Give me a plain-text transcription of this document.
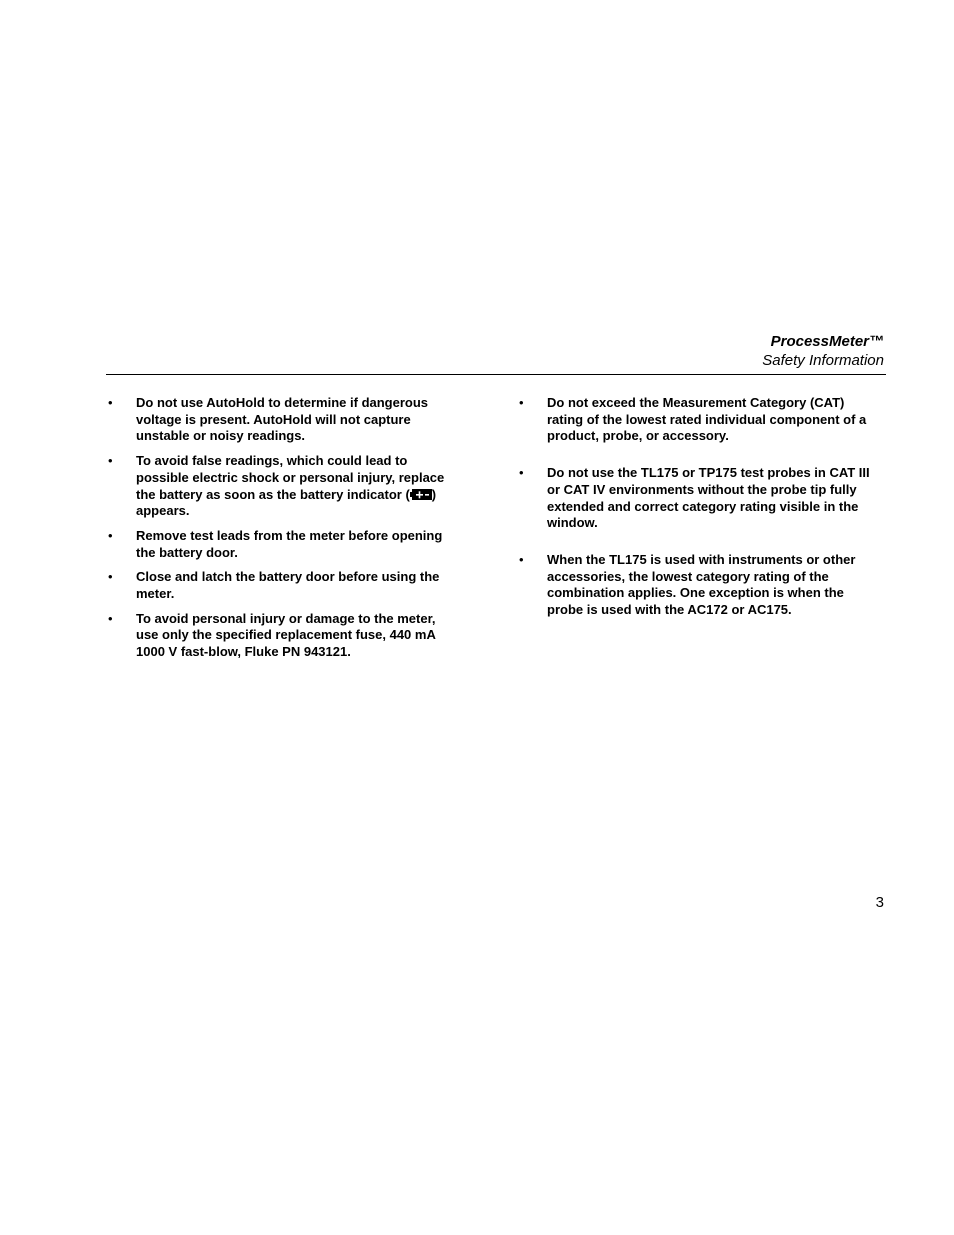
ProcessMeter™
Safety Information
• Do not use AutoHold to determine if dangerous voltage is present. AutoHold will not capture unstable or noisy readings.
• To avoid false readings, which could lead to possible electric shock or personal injury, replace the battery as soon as the battery indicator ( ) appears.
• Remove test leads from the meter before opening the battery door.
• Close and latch the battery door before using the meter.
• To avoid personal injury or damage to the meter, use only the specified replacement fuse, 440 mA 1000 V fast-blow, Fluke PN 943121.
• Do not exceed the Measurement Category (CAT) rating of the lowest rated individual component of a product, probe, or accessory.
• Do not use the TL175 or TP175 test probes in CAT III or CAT IV environments without the probe tip fully extended and correct category rating visible in the window.
• When the TL175 is used with instruments or other accessories, the lowest category rating of the combination applies. One exception is when the probe is used with the AC172 or AC175.
3
